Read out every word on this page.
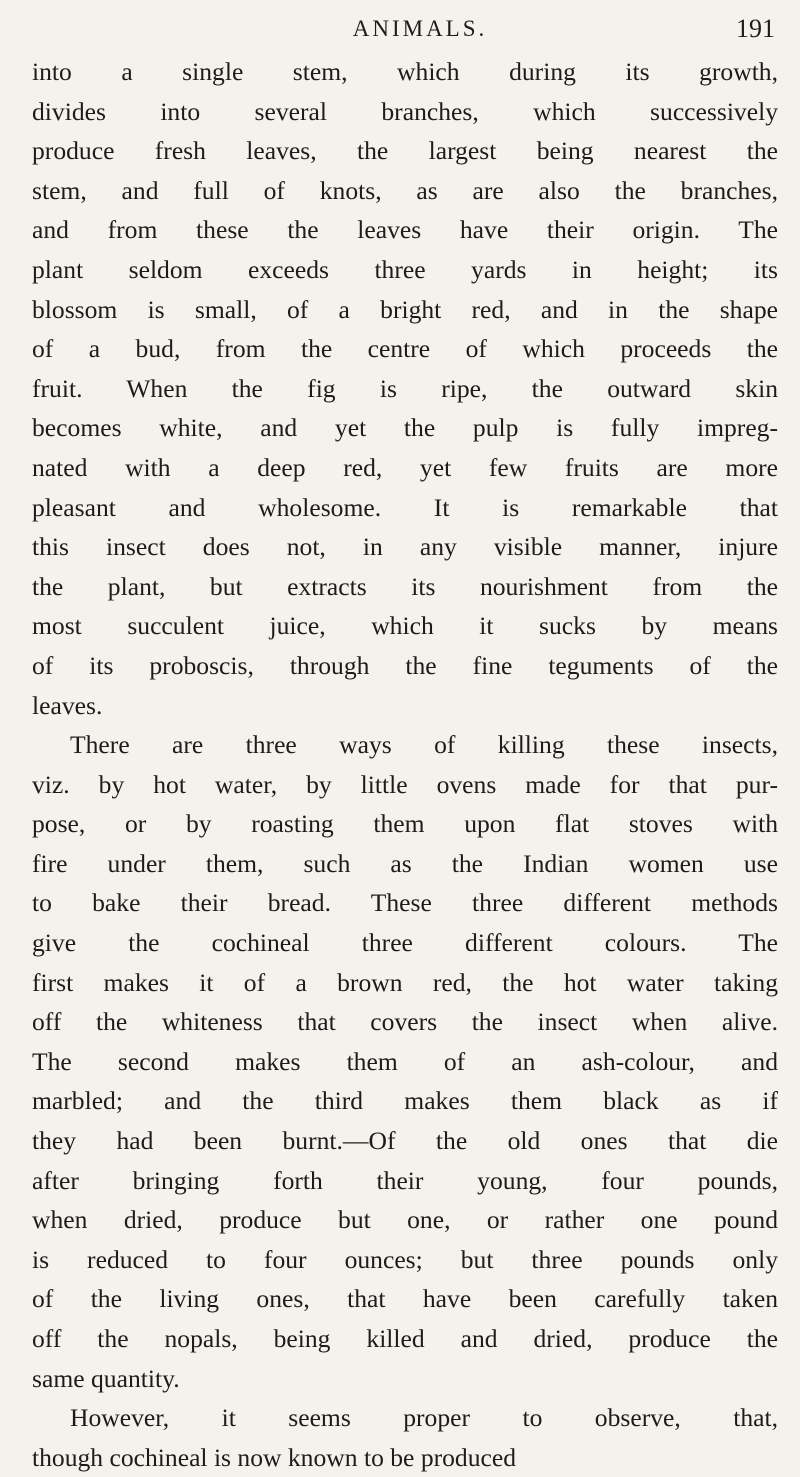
ANIMALS.	191

into a single stem, which during its growth,
divides into several branches, which successively
produce fresh leaves, the largest being nearest the
stem, and full of knots, as are also the branches,
and from these the leaves have their origin. The
plant seldom exceeds three yards in height; its
blossom is small, of a bright red, and in the shape
of a bud, from the centre of which proceeds the
fruit. When the fig is ripe, the outward skin
becomes white, and yet the pulp is fully impreg-
nated with a deep red, yet few fruits are more
pleasant and wholesome. It is remarkable that
this insect does not, in any visible manner, injure
the plant, but extracts its nourishment from the
most succulent juice, which it sucks by means
of its proboscis, through the fine teguments of the
leaves.

There are three ways of killing these insects,
viz. by hot water, by little ovens made for that pur-
pose, or by roasting them upon flat stoves with
fire under them, such as the Indian women use
to bake their bread. These three different methods
give the cochineal three different colours. The
first makes it of a brown red, the hot water taking
off the whiteness that covers the insect when alive.
The second makes them of an ash-colour, and
marbled; and the third makes them black as if
they had been burnt.—Of the old ones that die
after bringing forth their young, four pounds,
when dried, produce but one, or rather one pound
is reduced to four ounces; but three pounds only
of the living ones, that have been carefully taken
off the nopals, being killed and dried, produce the
same quantity.

However, it seems proper to observe, that,
though cochineal is now known to be produced
